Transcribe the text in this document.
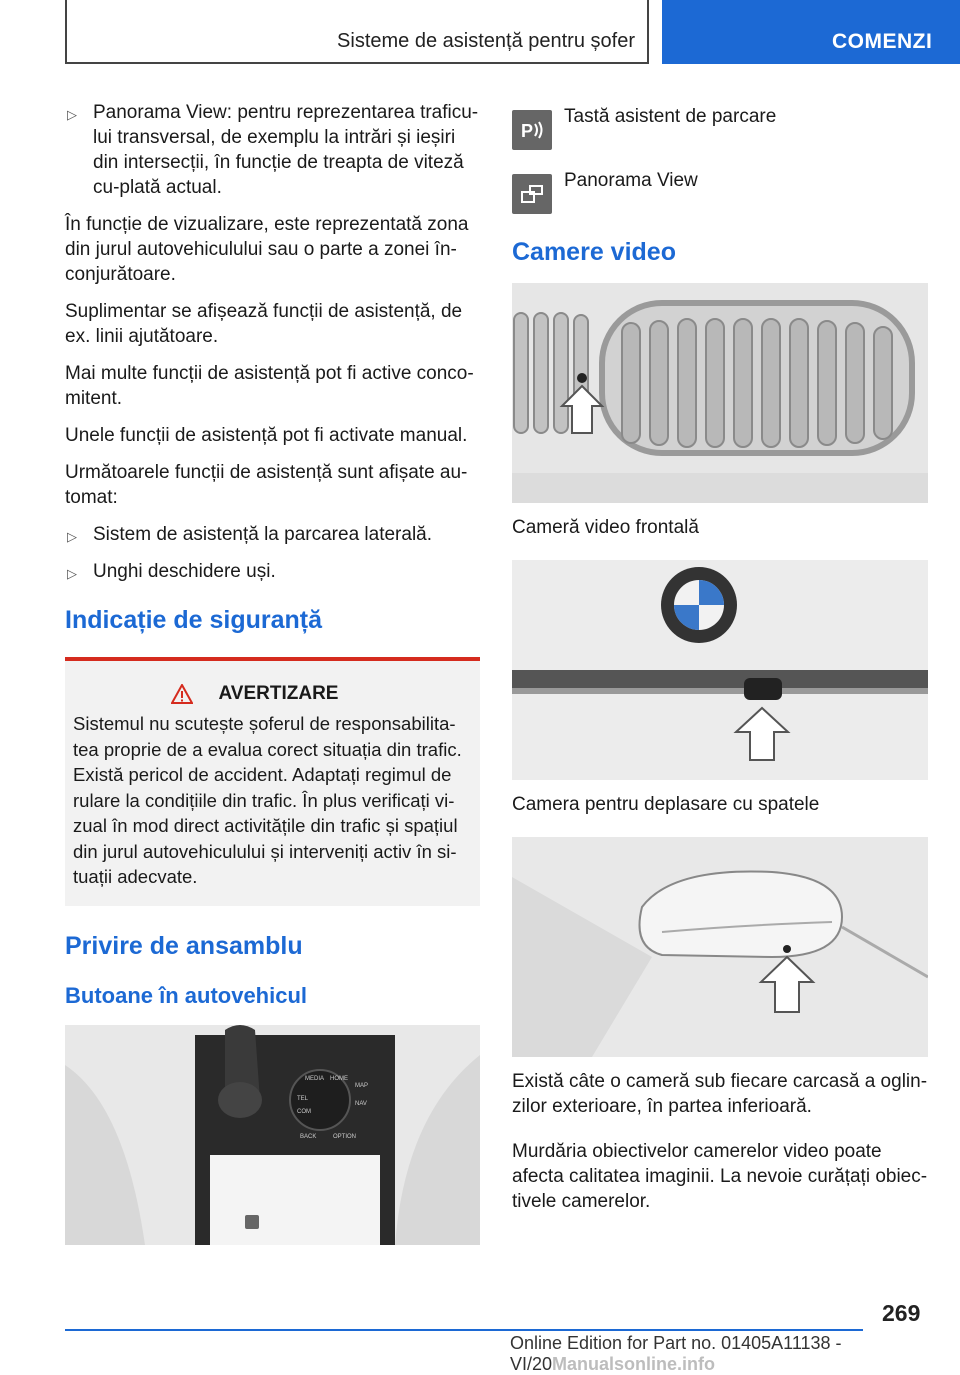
Sisteme de asistență pentru șofer	COMENZI
▷ Panorama View: pentru reprezentarea traficu-lui transversal, de exemplu la intrări și ieșiri din intersecții, în funcție de treapta de viteză cu-plată actual.

În funcție de vizualizare, este reprezentată zona din jurul autovehiculului sau o parte a zonei în-conjurătoare.

Suplimentar se afișează funcții de asistență, de ex. linii ajutătoare.

Mai multe funcții de asistență pot fi active conco-mitent.

Unele funcții de asistență pot fi activate manual.

Următoarele funcții de asistență sunt afișate au-tomat:

▷ Sistem de asistență la parcarea laterală.
▷ Unghi deschidere uși.
Indicație de siguranță
AVERTIZARE

Sistemul nu scutește șoferul de responsabilita-tea proprie de a evalua corect situația din trafic. Există pericol de accident. Adaptați regimul de rulare la condițiile din trafic. În plus verificați vi-zual în mod direct activitățile din trafic și spațiul din jurul autovehiculului și interveniți activ în si-tuații adecvate.

Privire de ansamblu
Butoane în autovehicul
MEDIA HOME
MAP
TEL
COM
NAV
BACK	OPTION
P
Tastă asistent de parcare
Panorama View
Camere video
Cameră video frontală
Camera pentru deplasare cu spatele
Există câte o cameră sub fiecare carcasă a oglin-zilor exterioare, în partea inferioară.

Murdăria obiectivelor camerelor video poate afecta calitatea imaginii. La nevoie curățați obiec-tivele camerelor.

269
Online Edition for Part no. 01405A11138 - VI/20Manualsonline.info
